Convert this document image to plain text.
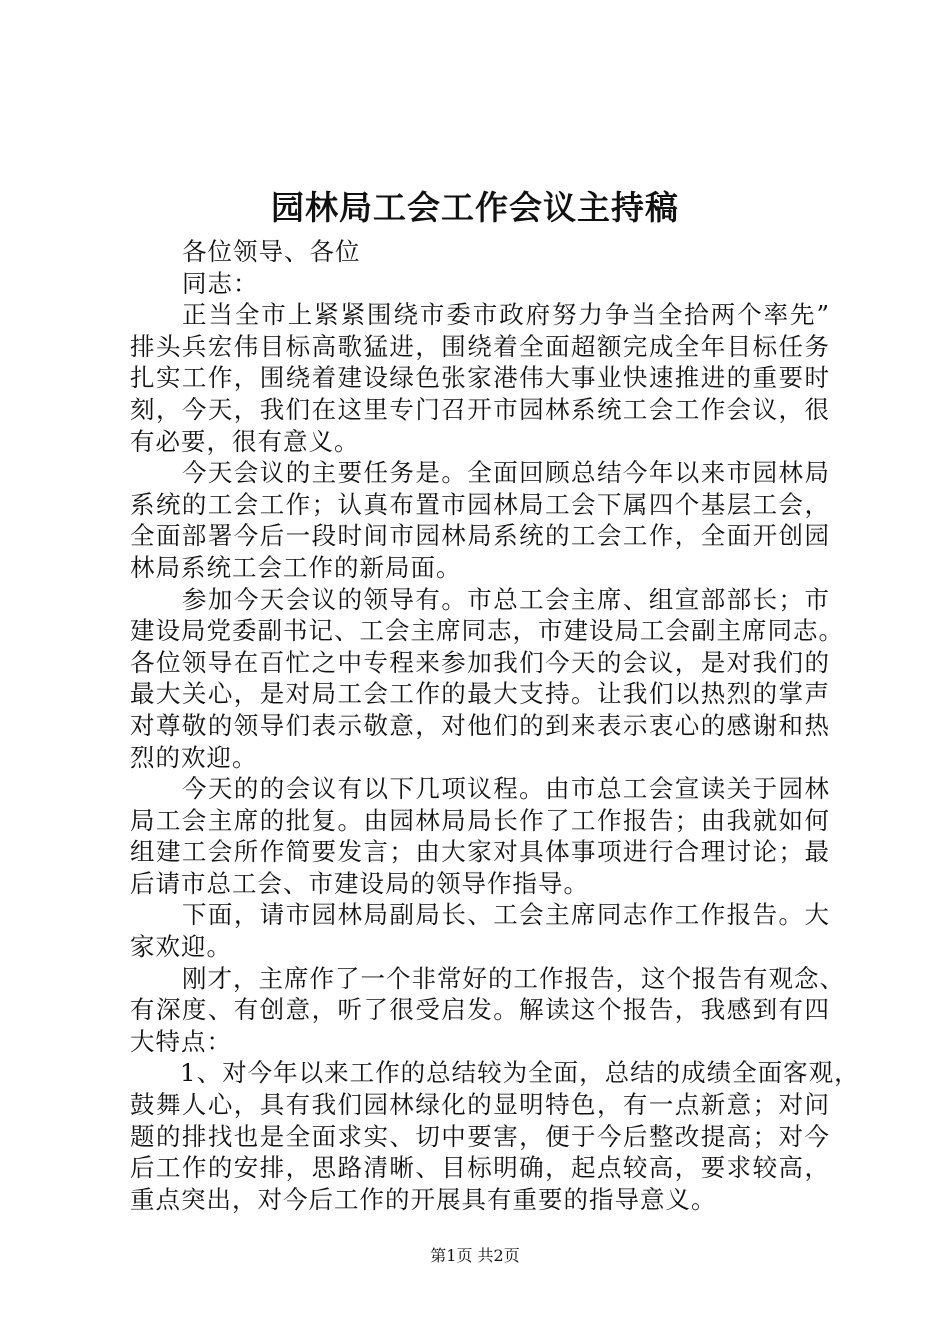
园林局工会工作会议主持稿
各位领导、各位
同志：
正当全市上紧紧围绕市委市政府努力争当全拾两个率先”
排头兵宏伟目标高歌猛进，围绕着全面超额完成全年目标任务
扎实工作，围绕着建设绿色张家港伟大事业快速推进的重要时
刻，今天，我们在这里专门召开市园林系统工会工作会议，很
有必要，很有意义。
今天会议的主要任务是。全面回顾总结今年以来市园林局
系统的工会工作；认真布置市园林局工会下属四个基层工会，
全面部署今后一段时间市园林局系统的工会工作，全面开创园
林局系统工会工作的新局面。
参加今天会议的领导有。市总工会主席、组宣部部长；市
建设局党委副书记、工会主席同志，市建设局工会副主席同志。
各位领导在百忙之中专程来参加我们今天的会议，是对我们的
最大关心，是对局工会工作的最大支持。让我们以热烈的掌声
对尊敬的领导们表示敬意，对他们的到来表示衷心的感谢和热
烈的欢迎。
今天的的会议有以下几项议程。由市总工会宣读关于园林
局工会主席的批复。由园林局局长作了工作报告；由我就如何
组建工会所作简要发言；由大家对具体事项进行合理讨论；最
后请市总工会、市建设局的领导作指导。
下面，请市园林局副局长、工会主席同志作工作报告。大
家欢迎。
刚才，主席作了一个非常好的工作报告，这个报告有观念、
有深度、有创意，听了很受启发。解读这个报告，我感到有四
大特点：
1、对今年以来工作的总结较为全面，总结的成绩全面客观，
鼓舞人心，具有我们园林绿化的显明特色，有一点新意；对问
题的排找也是全面求实、切中要害，便于今后整改提高；对今
后工作的安排，思路清晰、目标明确，起点较高，要求较高，
重点突出，对今后工作的开展具有重要的指导意义。
第1页 共2页
